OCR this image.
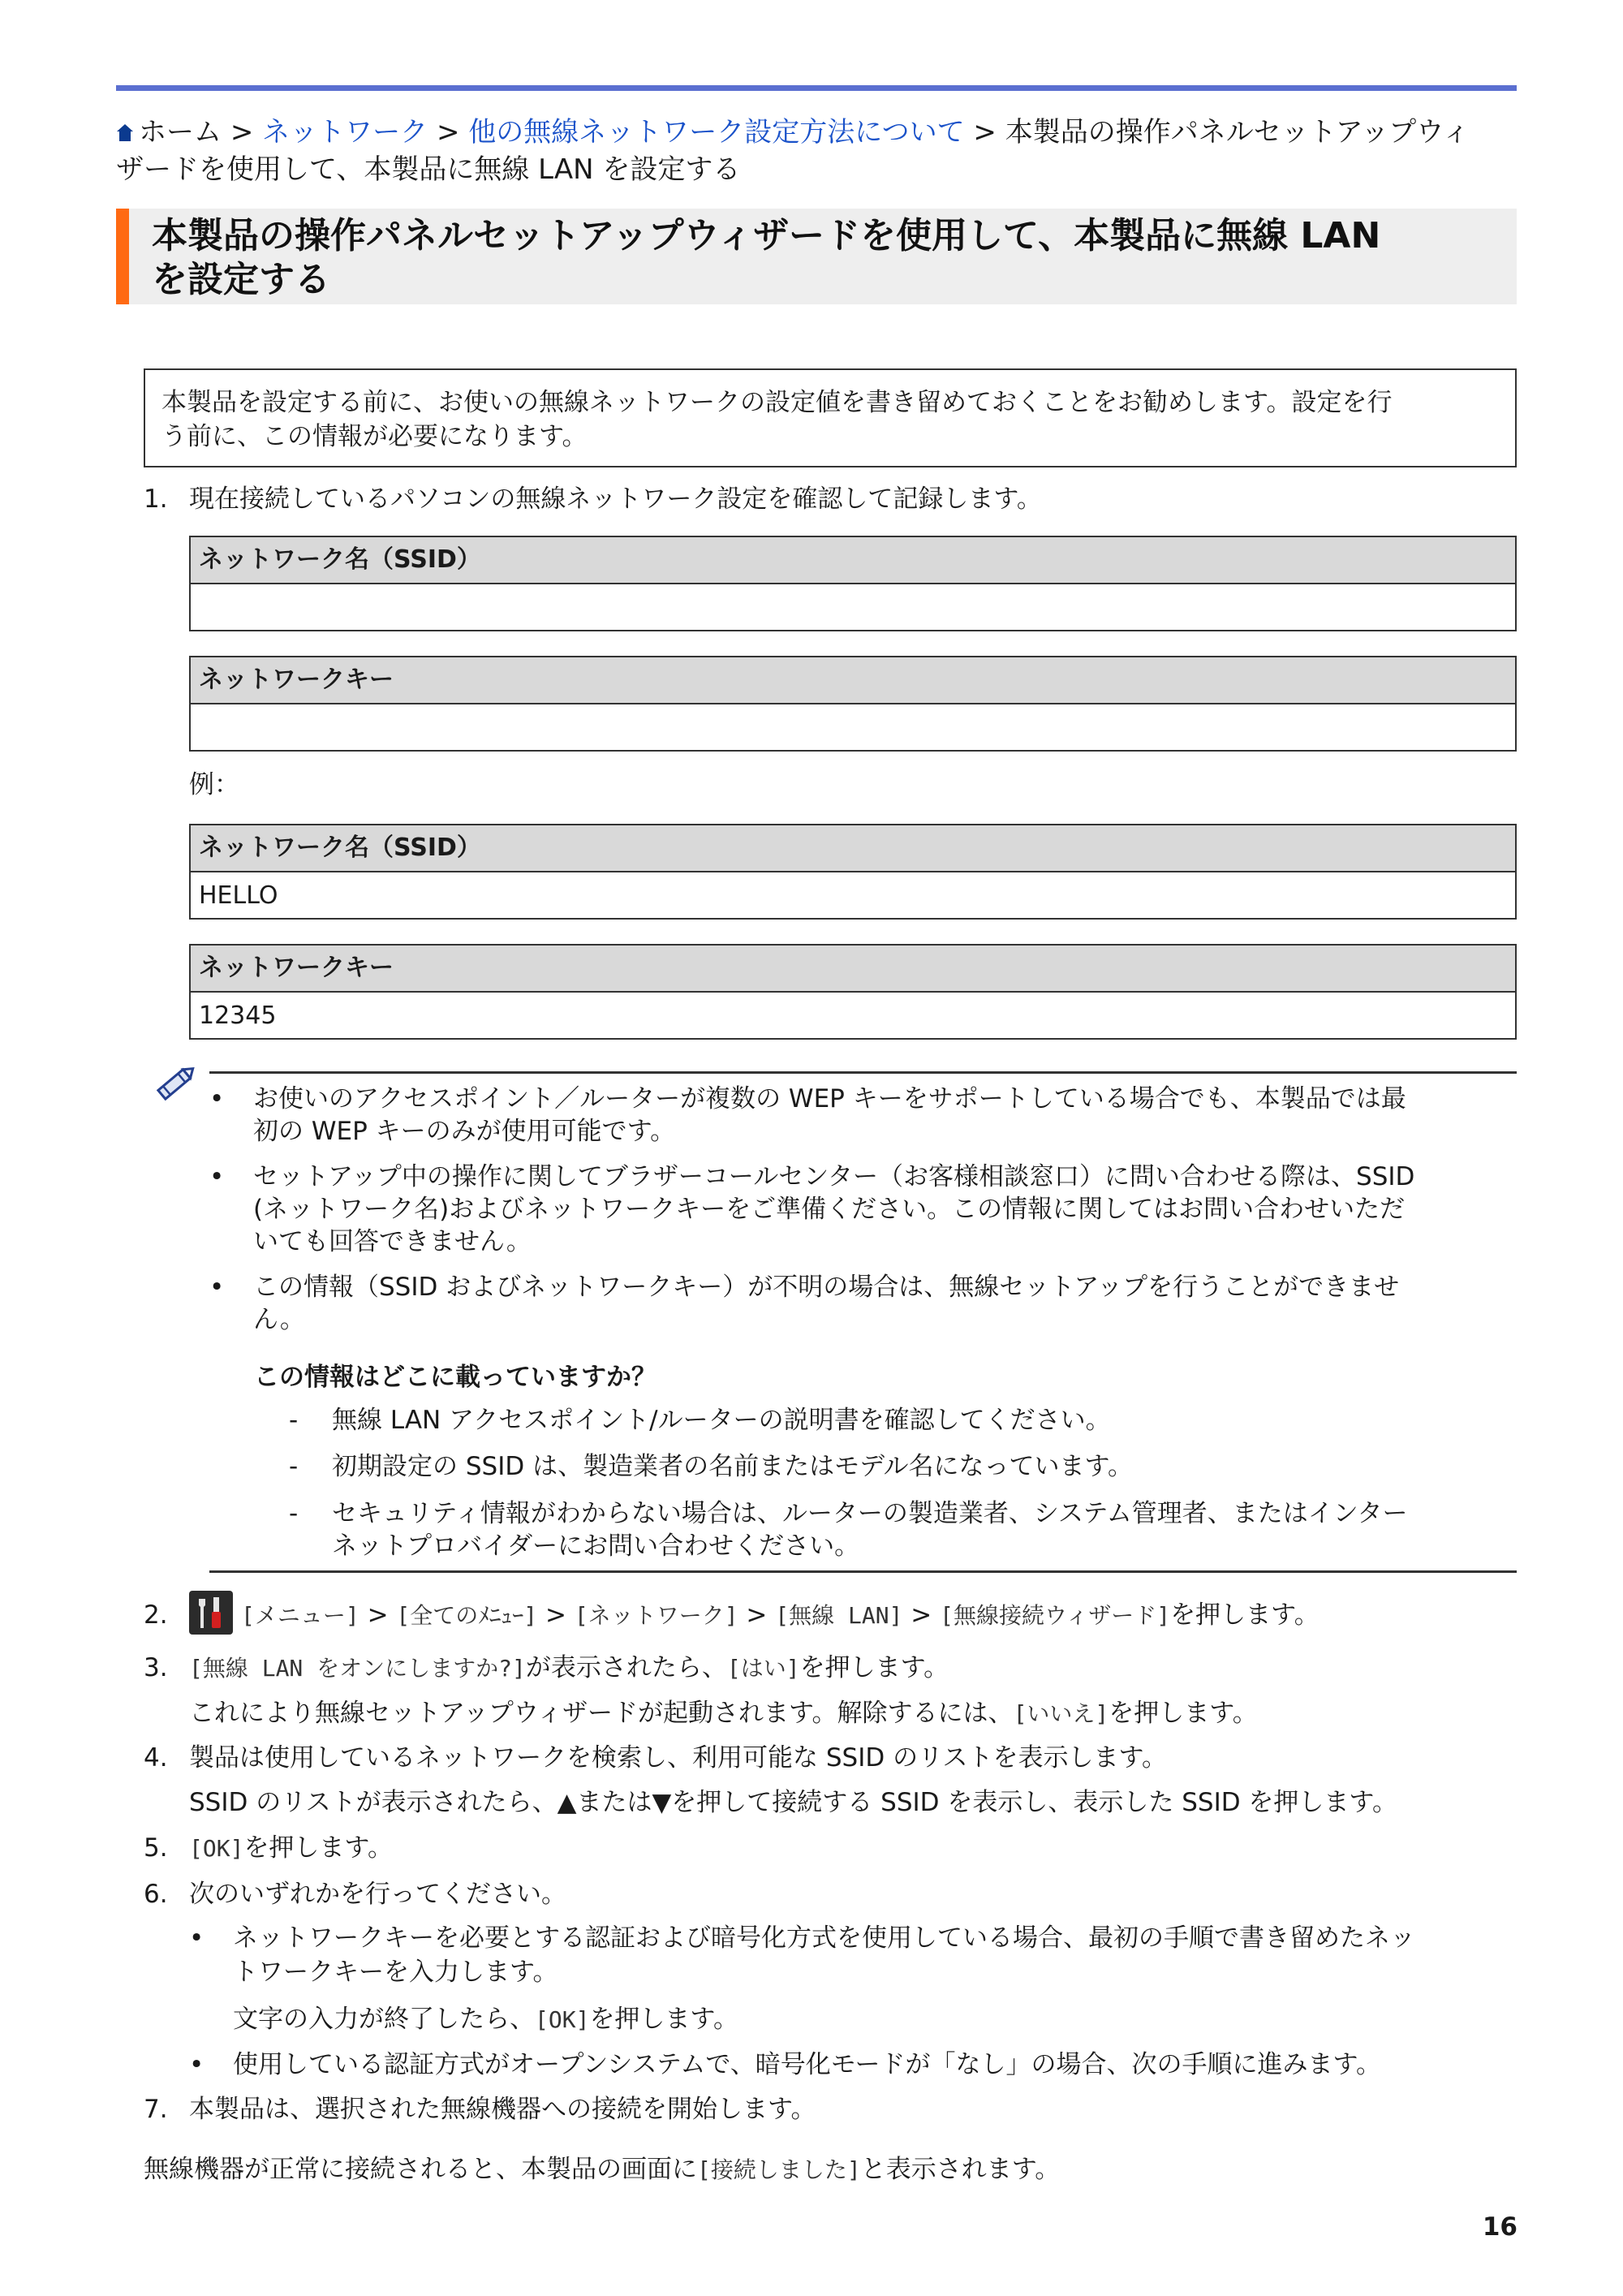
ホーム > ネットワーク > 他の無線ネットワーク設定方法について > 本製品の操作パネルセットアップウィ
ザードを使用して、本製品に無線 LAN を設定する
本製品の操作パネルセットアップウィザードを使用して、本製品に無線 LAN
を設定する
本製品を設定する前に、お使いの無線ネットワークの設定値を書き留めておくことをお勧めします。設定を行
う前に、この情報が必要になります。
1. 現在接続しているパソコンの無線ネットワーク設定を確認して記録します。
ネットワーク名（SSID）
ネットワークキー
例：
ネットワーク名（SSID）
HELLO
ネットワークキー
12345
•	お使いのアクセスポイント／ルーターが複数の WEP キーをサポートしている場合でも、本製品では最
初の WEP キーのみが使用可能です。
•	セットアップ中の操作に関してブラザーコールセンター（お客様相談窓口）に問い合わせる際は、SSID
(ネットワーク名)およびネットワークキーをご準備ください。この情報に関してはお問い合わせいただ
いても回答できません。
•	この情報（SSID およびネットワークキー）が不明の場合は、無線セットアップを行うことができませ
ん。
この情報はどこに載っていますか？
- 無線 LAN アクセスポイント/ルーターの説明書を確認してください。
- 初期設定の SSID は、製造業者の名前またはモデル名になっています。
- セキュリティ情報がわからない場合は、ルーターの製造業者、システム管理者、またはインター
ネットプロバイダーにお問い合わせください。
2.	[メニュー] > [全てのﾒﾆｭｰ] > [ネットワーク] > [無線 LAN] > [無線接続ウィザード]を押します。
3. [無線 LAN をオンにしますか?]が表示されたら、[はい]を押します。
これにより無線セットアップウィザードが起動されます。解除するには、[いいえ]を押します。
4. 製品は使用しているネットワークを検索し、利用可能な SSID のリストを表示します。
SSID のリストが表示されたら、▲または▼を押して接続する SSID を表示し、表示した SSID を押します。
5. [OK]を押します。
6. 次のいずれかを行ってください。
• ネットワークキーを必要とする認証および暗号化方式を使用している場合、最初の手順で書き留めたネッ
トワークキーを入力します。
文字の入力が終了したら、[OK]を押します。
• 使用している認証方式がオープンシステムで、暗号化モードが「なし」の場合、次の手順に進みます。
7. 本製品は、選択された無線機器への接続を開始します。
無線機器が正常に接続されると、本製品の画面に[接続しました]と表示されます。
16
